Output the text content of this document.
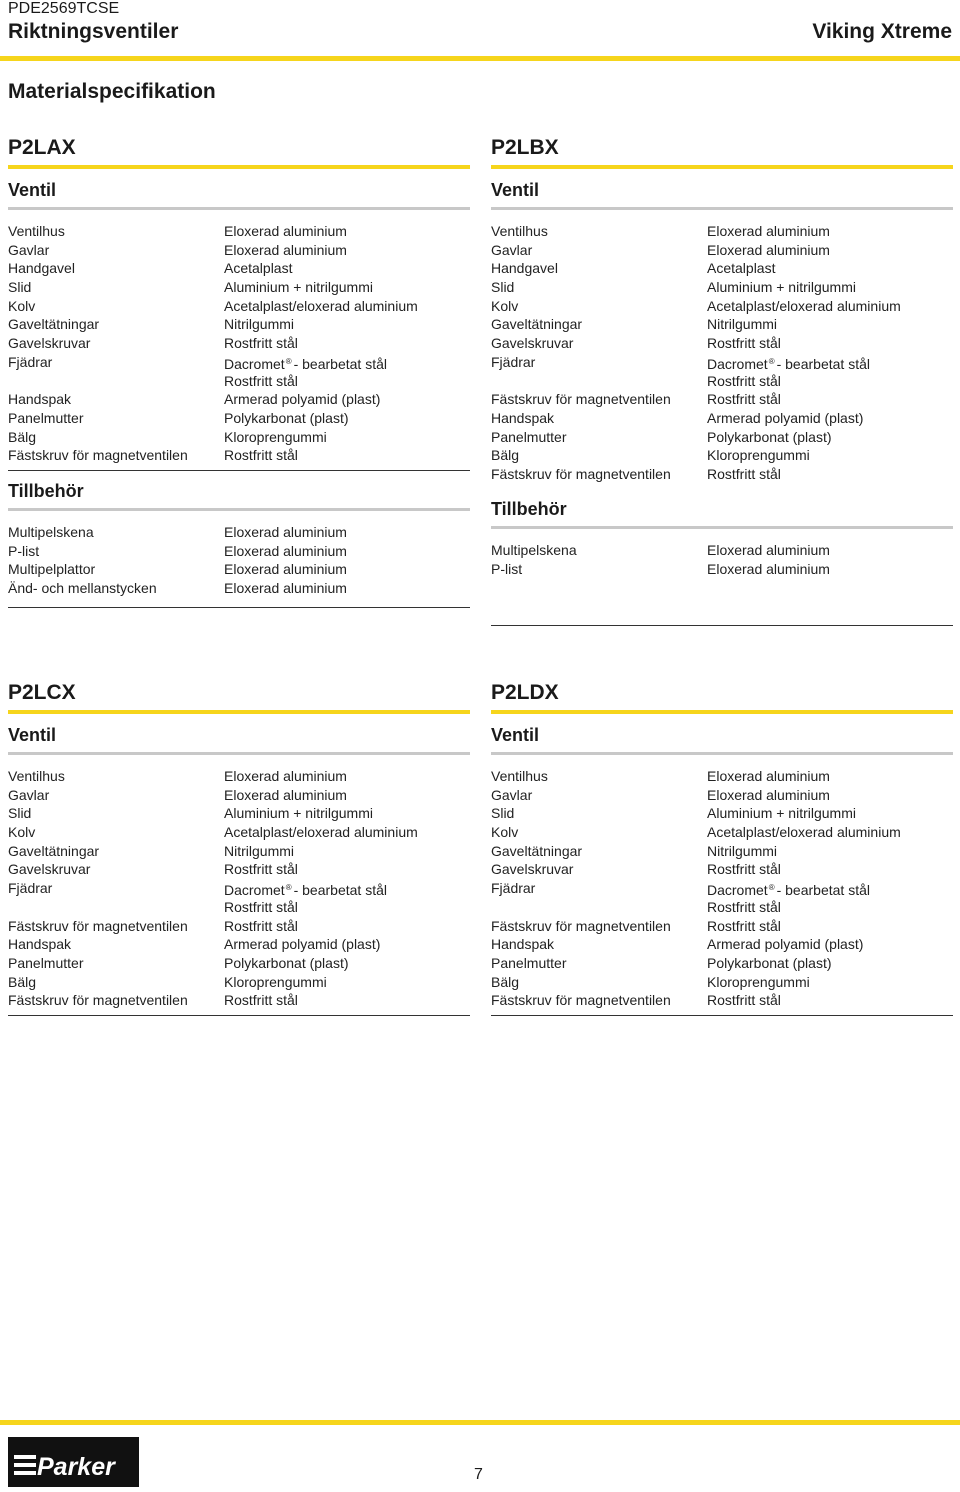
PDE2569TCSE
Riktningsventiler	Viking Xtreme
Materialspecifikation
P2LAX
Ventil
Ventilhus	Eloxerad aluminium
Gavlar	Eloxerad aluminium
Handgavel	Acetalplast
Slid	Aluminium + nitrilgummi
Kolv	Acetalplast/eloxerad aluminium
Gaveltätningar	Nitrilgummi
Gavelskruvar	Rostfritt stål
Fjädrar	Dacromet® - bearbetat stål
Rostfritt stål
Handspak	Armerad polyamid (plast)
Panelmutter	Polykarbonat (plast)
Bälg	Kloroprengummi
Fästskruv för magnetventilen	Rostfritt stål
Tillbehör
Multipelskena	Eloxerad aluminium
P-list	Eloxerad aluminium
Multipelplattor	Eloxerad aluminium
Änd- och mellanstycken	Eloxerad aluminium
P2LBX
Ventil
Ventilhus	Eloxerad aluminium
Gavlar	Eloxerad aluminium
Handgavel	Acetalplast
Slid	Aluminium + nitrilgummi
Kolv	Acetalplast/eloxerad aluminium
Gaveltätningar	Nitrilgummi
Gavelskruvar	Rostfritt stål
Fjädrar	Dacromet® - bearbetat stål
Rostfritt stål
Fästskruv för magnetventilen	Rostfritt stål
Handspak	Armerad polyamid (plast)
Panelmutter	Polykarbonat (plast)
Bälg	Kloroprengummi
Fästskruv för magnetventilen	Rostfritt stål
Tillbehör
Multipelskena	Eloxerad aluminium
P-list	Eloxerad aluminium
P2LCX
Ventil
Ventilhus	Eloxerad aluminium
Gavlar	Eloxerad aluminium
Slid	Aluminium + nitrilgummi
Kolv	Acetalplast/eloxerad aluminium
Gaveltätningar	Nitrilgummi
Gavelskruvar	Rostfritt stål
Fjädrar	Dacromet® - bearbetat stål
Rostfritt stål
Fästskruv för magnetventilen	Rostfritt stål
Handspak	Armerad polyamid (plast)
Panelmutter	Polykarbonat (plast)
Bälg	Kloroprengummi
Fästskruv för magnetventilen	Rostfritt stål
P2LDX
Ventil
Ventilhus	Eloxerad aluminium
Gavlar	Eloxerad aluminium
Slid	Aluminium + nitrilgummi
Kolv	Acetalplast/eloxerad aluminium
Gaveltätningar	Nitrilgummi
Gavelskruvar	Rostfritt stål
Fjädrar	Dacromet® - bearbetat stål
Rostfritt stål
Fästskruv för magnetventilen	Rostfritt stål
Handspak	Armerad polyamid (plast)
Panelmutter	Polykarbonat (plast)
Bälg	Kloroprengummi
Fästskruv för magnetventilen	Rostfritt stål
Parker	7
